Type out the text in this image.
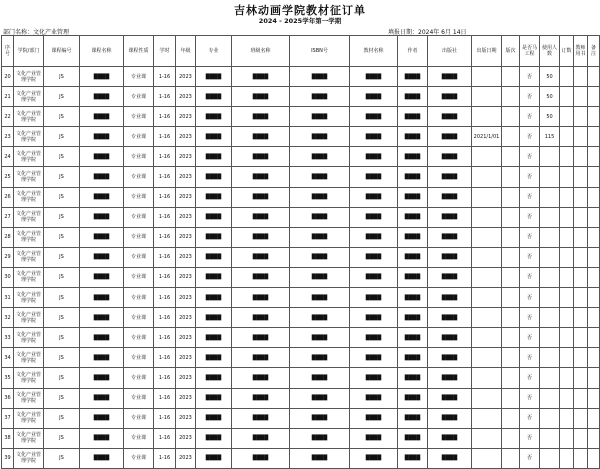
吉林动画学院教材征订单
2024 - 2025学年第一学期
部门名称：文化产业管理	填报日期：2024年 6月 14日
序号	学院/部门	课程编号	课程名称	课程性质	学时	年级	专业	班级名称	ISBN号	教材名称	作者	出版社	出版日期	版次	是否马工程	使用人数	订数	教师用书	备注
20	文化产业管理学院	JS	████	专业课	1-16	2023	████	████	████	████	████	████			否	50			
21	文化产业管理学院	JS	████	专业课	1-16	2023	████	████	████	████	████	████			否	50			
22	文化产业管理学院	JS	████	专业课	1-16	2023	████	████	████	████	████	████			否	50			
23	文化产业管理学院	JS	████	专业课	1-16	2023	████	████	████	████	████	████	2021/1/01		否	115			
24	文化产业管理学院	JS	████	专业课	1-16	2023	████	████	████	████	████	████			否				
25	文化产业管理学院	JS	████	专业课	1-16	2023	████	████	████	████	████	████			否				
26	文化产业管理学院	JS	████	专业课	1-16	2023	████	████	████	████	████	████			否				
27	文化产业管理学院	JS	████	专业课	1-16	2023	████	████	████	████	████	████			否				
28	文化产业管理学院	JS	████	专业课	1-16	2023	████	████	████	████	████	████			否				
29	文化产业管理学院	JS	████	专业课	1-16	2023	████	████	████	████	████	████			否				
30	文化产业管理学院	JS	████	专业课	1-16	2023	████	████	████	████	████	████			否				
31	文化产业管理学院	JS	████	专业课	1-16	2023	████	████	████	████	████	████			否				
32	文化产业管理学院	JS	████	专业课	1-16	2023	████	████	████	████	████	████			否				
33	文化产业管理学院	JS	████	专业课	1-16	2023	████	████	████	████	████	████			否				
34	文化产业管理学院	JS	████	专业课	1-16	2023	████	████	████	████	████	████			否				
35	文化产业管理学院	JS	████	专业课	1-16	2023	████	████	████	████	████	████			否				
36	文化产业管理学院	JS	████	专业课	1-16	2023	████	████	████	████	████	████			否				
37	文化产业管理学院	JS	████	专业课	1-16	2023	████	████	████	████	████	████			否				
38	文化产业管理学院	JS	████	专业课	1-16	2023	████	████	████	████	████	████			否				
39	文化产业管理学院	JS	████	专业课	1-16	2023	████	████	████	████	████	████			否				
